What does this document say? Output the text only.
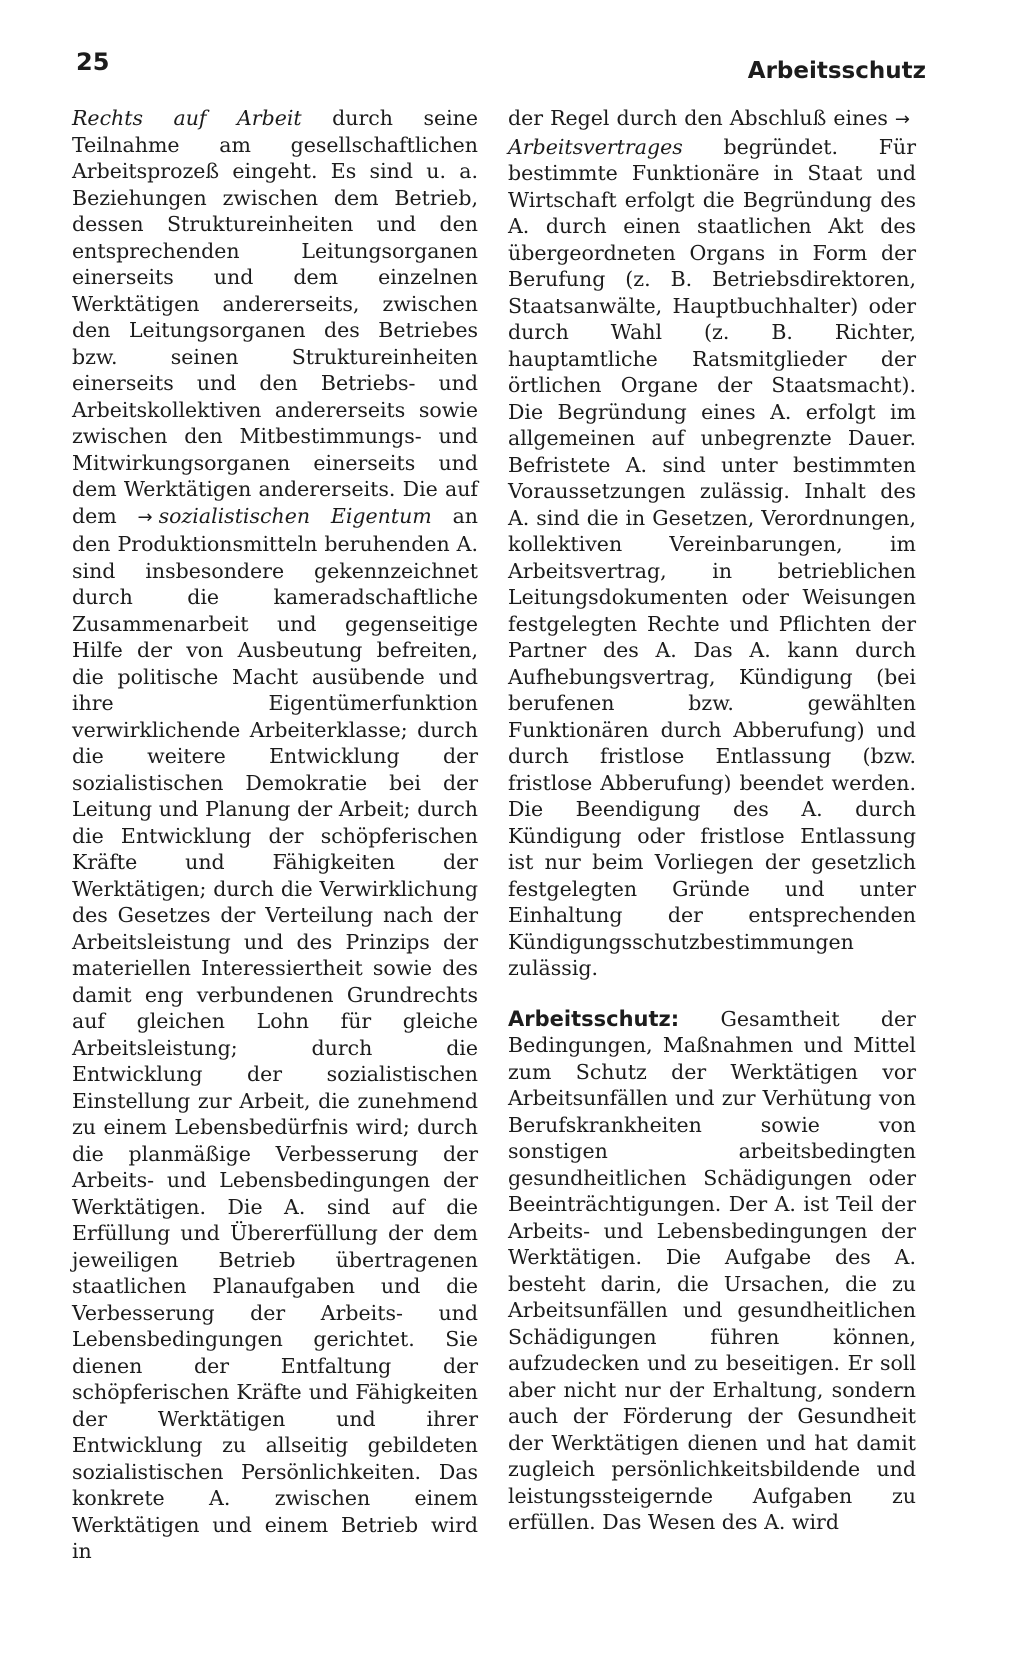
25	Arbeitsschutz

Rechts auf Arbeit durch seine Teilnahme am gesellschaftlichen Arbeitsprozeß eingeht. Es sind u. a. Beziehungen zwischen dem Betrieb, dessen Struktureinheiten und den entsprechenden Leitungsorganen einerseits und dem einzelnen Werktätigen andererseits, zwischen den Leitungsorganen des Betriebes bzw. seinen Struktureinheiten einerseits und den Betriebs- und Arbeitskollektiven andererseits sowie zwischen den Mitbestimmungs- und Mitwirkungsorganen einerseits und dem Werktätigen andererseits. Die auf dem → sozialistischen Eigentum an den Produktionsmitteln beruhenden A. sind insbesondere gekennzeichnet durch die kameradschaftliche Zusammenarbeit und gegenseitige Hilfe der von Ausbeutung befreiten, die politische Macht ausübende und ihre Eigentümerfunktion verwirklichende Arbeiterklasse; durch die weitere Entwicklung der sozialistischen Demokratie bei der Leitung und Planung der Arbeit; durch die Entwicklung der schöpferischen Kräfte und Fähigkeiten der Werktätigen; durch die Verwirklichung des Gesetzes der Verteilung nach der Arbeitsleistung und des Prinzips der materiellen Interessiertheit sowie des damit eng verbundenen Grundrechts auf gleichen Lohn für gleiche Arbeitsleistung; durch die Entwicklung der sozialistischen Einstellung zur Arbeit, die zunehmend zu einem Lebensbedürfnis wird; durch die planmäßige Verbesserung der Arbeits- und Lebensbedingungen der Werktätigen. Die A. sind auf die Erfüllung und Übererfüllung der dem jeweiligen Betrieb übertragenen staatlichen Planaufgaben und die Verbesserung der Arbeits- und Lebensbedingungen gerichtet. Sie dienen der Entfaltung der schöpferischen Kräfte und Fähigkeiten der Werktätigen und ihrer Entwicklung zu allseitig gebildeten sozialistischen Persönlichkeiten. Das konkrete A. zwischen einem Werktätigen und einem Betrieb wird in

der Regel durch den Abschluß eines →Arbeitsvertrages begründet. Für bestimmte Funktionäre in Staat und Wirtschaft erfolgt die Begründung des A. durch einen staatlichen Akt des übergeordneten Organs in Form der Berufung (z. B. Betriebsdirektoren, Staatsanwälte, Hauptbuchhalter) oder durch Wahl (z. B. Richter, hauptamtliche Ratsmitglieder der örtlichen Organe der Staatsmacht). Die Begründung eines A. erfolgt im allgemeinen auf unbegrenzte Dauer. Befristete A. sind unter bestimmten Voraussetzungen zulässig. Inhalt des A. sind die in Gesetzen, Verordnungen, kollektiven Vereinbarungen, im Arbeitsvertrag, in betrieblichen Leitungsdokumenten oder Weisungen festgelegten Rechte und Pflichten der Partner des A. Das A. kann durch Aufhebungsvertrag, Kündigung (bei berufenen bzw. gewählten Funktionären durch Abberufung) und durch fristlose Entlassung (bzw. fristlose Abberufung) beendet werden. Die Beendigung des A. durch Kündigung oder fristlose Entlassung ist nur beim Vorliegen der gesetzlich festgelegten Gründe und unter Einhaltung der entsprechenden Kündigungsschutzbestimmungen zulässig.

Arbeitsschutz: Gesamtheit der Bedingungen, Maßnahmen und Mittel zum Schutz der Werktätigen vor Arbeitsunfällen und zur Verhütung von Berufskrankheiten sowie von sonstigen arbeitsbedingten gesundheitlichen Schädigungen oder Beeinträchtigungen. Der A. ist Teil der Arbeits- und Lebensbedingungen der Werktätigen. Die Aufgabe des A. besteht darin, die Ursachen, die zu Arbeitsunfällen und gesundheitlichen Schädigungen führen können, aufzudecken und zu beseitigen. Er soll aber nicht nur der Erhaltung, sondern auch der Förderung der Gesundheit der Werktätigen dienen und hat damit zugleich persönlichkeitsbildende und leistungssteigernde Aufgaben zu erfüllen. Das Wesen des A. wird
